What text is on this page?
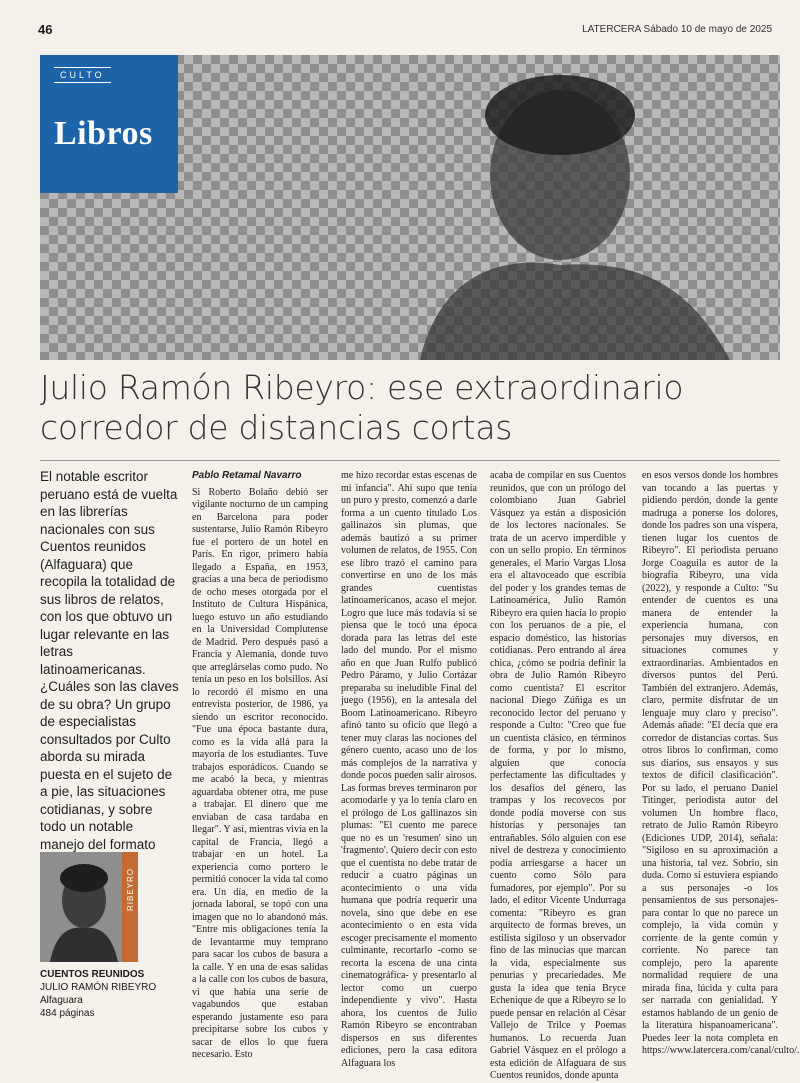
46	LATERCERA Sábado 10 de mayo de 2025
CULTO
Libros
Julio Ramón Ribeyro: ese extraordinario corredor de distancias cortas
El notable escritor peruano está de vuelta en las librerías nacionales con sus Cuentos reunidos (Alfaguara) que recopila la totalidad de sus libros de relatos, con los que obtuvo un lugar relevante en las letras latinoamericanas. ¿Cuáles son las claves de su obra? Un grupo de especialistas consultados por Culto aborda su mirada puesta en el sujeto de a pie, las situaciones cotidianas, y sobre todo un notable manejo del formato
RIBEYRO
CUENTOS REUNIDOS
JULIO RAMÓN RIBEYRO
Alfaguara
484 páginas

Pablo Retamal Navarro

Si Roberto Bolaño debió ser vigilante nocturno de un camping en Barcelona para poder sustentarse, Julio Ramón Ribeyro fue el portero de un hotel en París. En rigor, primero había llegado a España, en 1953, gracias a una beca de periodismo de ocho meses otorgada por el Instituto de Cultura Hispánica, luego estuvo un año estudiando en la Universidad Complutense de Madrid. Pero después pasó a Francia y Alemania, donde tuvo que arreglárselas como pudo. No tenía un peso en los bolsillos. Así lo recordó él mismo en una entrevista posterior, de 1986, ya siendo un escritor reconocido. "Fue una época bastante dura, como es la vida allá para la mayoría de los estudiantes. Tuve trabajos esporádicos. Cuando se me acabó la beca, y mientras aguardaba obtener otra, me puse a trabajar. El dinero que me enviaban de casa tardaba en llegar". Y así, mientras vivía en la capital de Francia, llegó a trabajar en un hotel. La experiencia como portero le permitió conocer la vida tal como era. Un día, en medio de la jornada laboral, se topó con una imagen que no lo abandonó más. "Entre mis obligaciones tenía la de levantarme muy temprano para sacar los cubos de basura a la calle. Y en una de esas salidas a la calle con los cubos de basura, vi que había una serie de vagabundos que estaban esperando justamente eso para precipitarse sobre los cubos y sacar de ellos lo que fuera necesario. Esto
me hizo recordar estas escenas de mi infancia". Ahí supo que tenía un puro y presto, comenzó a darle forma a un cuento titulado Los gallinazos sin plumas, que además bautizó a su primer volumen de relatos, de 1955. Con ese libro trazó el camino para convertirse en uno de los más grandes cuentistas latinoamericanos, acaso el mejor. Logro que luce más todavía si se piensa que le tocó una época dorada para las letras del este lado del mundo. Por el mismo año en que Juan Rulfo publicó Pedro Páramo, y Julio Cortázar preparaba su ineludible Final del juego (1956), en la antesala del Boom Latinoamericano. Ribeyro afinó tanto su oficio que llegó a tener muy claras las nociones del género cuento, acaso uno de los más complejos de la narrativa y donde pocos pueden salir airosos. Las formas breves terminaron por acomodarle y ya lo tenía claro en el prólogo de Los gallinazos sin plumas: "El cuento me parece que no es un 'resumen' sino un 'fragmento'. Quiero decir con esto que el cuentista no debe tratar de reducir a cuatro páginas un acontecimiento o una vida humana que podría requerir una novela, sino que debe en ese acontecimiento o en esta vida escoger precisamente el momento culminante, recortarlo -como se recorta la escena de una cinta cinematográfica- y presentarlo al lector como un cuerpo independiente y vivo". Hasta ahora, los cuentos de Julio Ramón Ribeyro se encontraban dispersos en sus diferentes ediciones, pero la casa editora Alfaguara los
acaba de compilar en sus Cuentos reunidos, que con un prólogo del colombiano Juan Gabriel Vásquez ya están a disposición de los lectores nacionales. Se trata de un acervo imperdible y con un sello propio. En términos generales, el Mario Vargas Llosa era el altavoceado que escribía del poder y los grandes temas de Latinoamérica, Julio Ramón Ribeyro era quien hacía lo propio con los peruanos de a pie, el espacio doméstico, las historias cotidianas. Pero entrando al área chica, ¿cómo se podría definir la obra de Julio Ramón Ribeyro como cuentista? El escritor nacional Diego Zúñiga es un reconocido lector del peruano y responde a Culto: "Creo que fue un cuentista clásico, en términos de forma, y por lo mismo, alguien que conocía perfectamente las dificultades y los desafíos del género, las trampas y los recovecos por donde podía moverse con sus historias y personajes tan entrañables. Sólo alguien con ese nivel de destreza y conocimiento podía arriesgarse a hacer un cuento como Sólo para fumadores, por ejemplo". Por su lado, el editor Vicente Undurraga comenta: "Ribeyro es gran arquitecto de formas breves, un estilista sigiloso y un observador fino de las minucias que marcan la vida, especialmente sus penurias y precariedades. Me gusta la idea que tenía Bryce Echenique de que a Ribeyro se lo puede pensar en relación al César Vallejo de Trilce y Poemas humanos. Lo recuerda Juan Gabriel Vásquez en el prólogo a esta edición de Alfaguara de sus Cuentos reunidos, donde apunta
en esos versos donde los hombres van tocando a las puertas y pidiendo perdón, donde la gente madruga a ponerse los dolores, donde los padres son una víspera, tienen lugar los cuentos de Ribeyro". El periodista peruano Jorge Coaguila es autor de la biografía Ribeyro, una vida (2022), y responde a Culto: "Su entender de cuentos es una manera de entender la experiencia humana, con personajes muy diversos, en situaciones comunes y extraordinarias. Ambientados en diversos puntos del Perú. También del extranjero. Además, claro, permite disfrutar de un lenguaje muy claro y preciso". Además añade: "El decía que era corredor de distancias cortas. Sus otros libros lo confirman, como sus diarios, sus ensayos y sus textos de difícil clasificación". Por su lado, el peruano Daniel Titinger, periodista autor del volumen Un hombre flaco, retrato de Julio Ramón Ribeyro (Ediciones UDP, 2014), señala: "Sigiloso en su aproximación a una historia, tal vez. Sobrio, sin duda. Como si estuviera espiando a sus personajes -o los pensamientos de sus personajes- para contar lo que no parece un complejo, la vida común y corriente de la gente común y corriente. No parece tan complejo, pero la aparente normalidad requiere de una mirada fina, lúcida y culta para ser narrada con genialidad. Y estamos hablando de un genio de la literatura hispanoamericana". Puedes leer la nota completa en https://www.latercera.com/canal/culto/.
